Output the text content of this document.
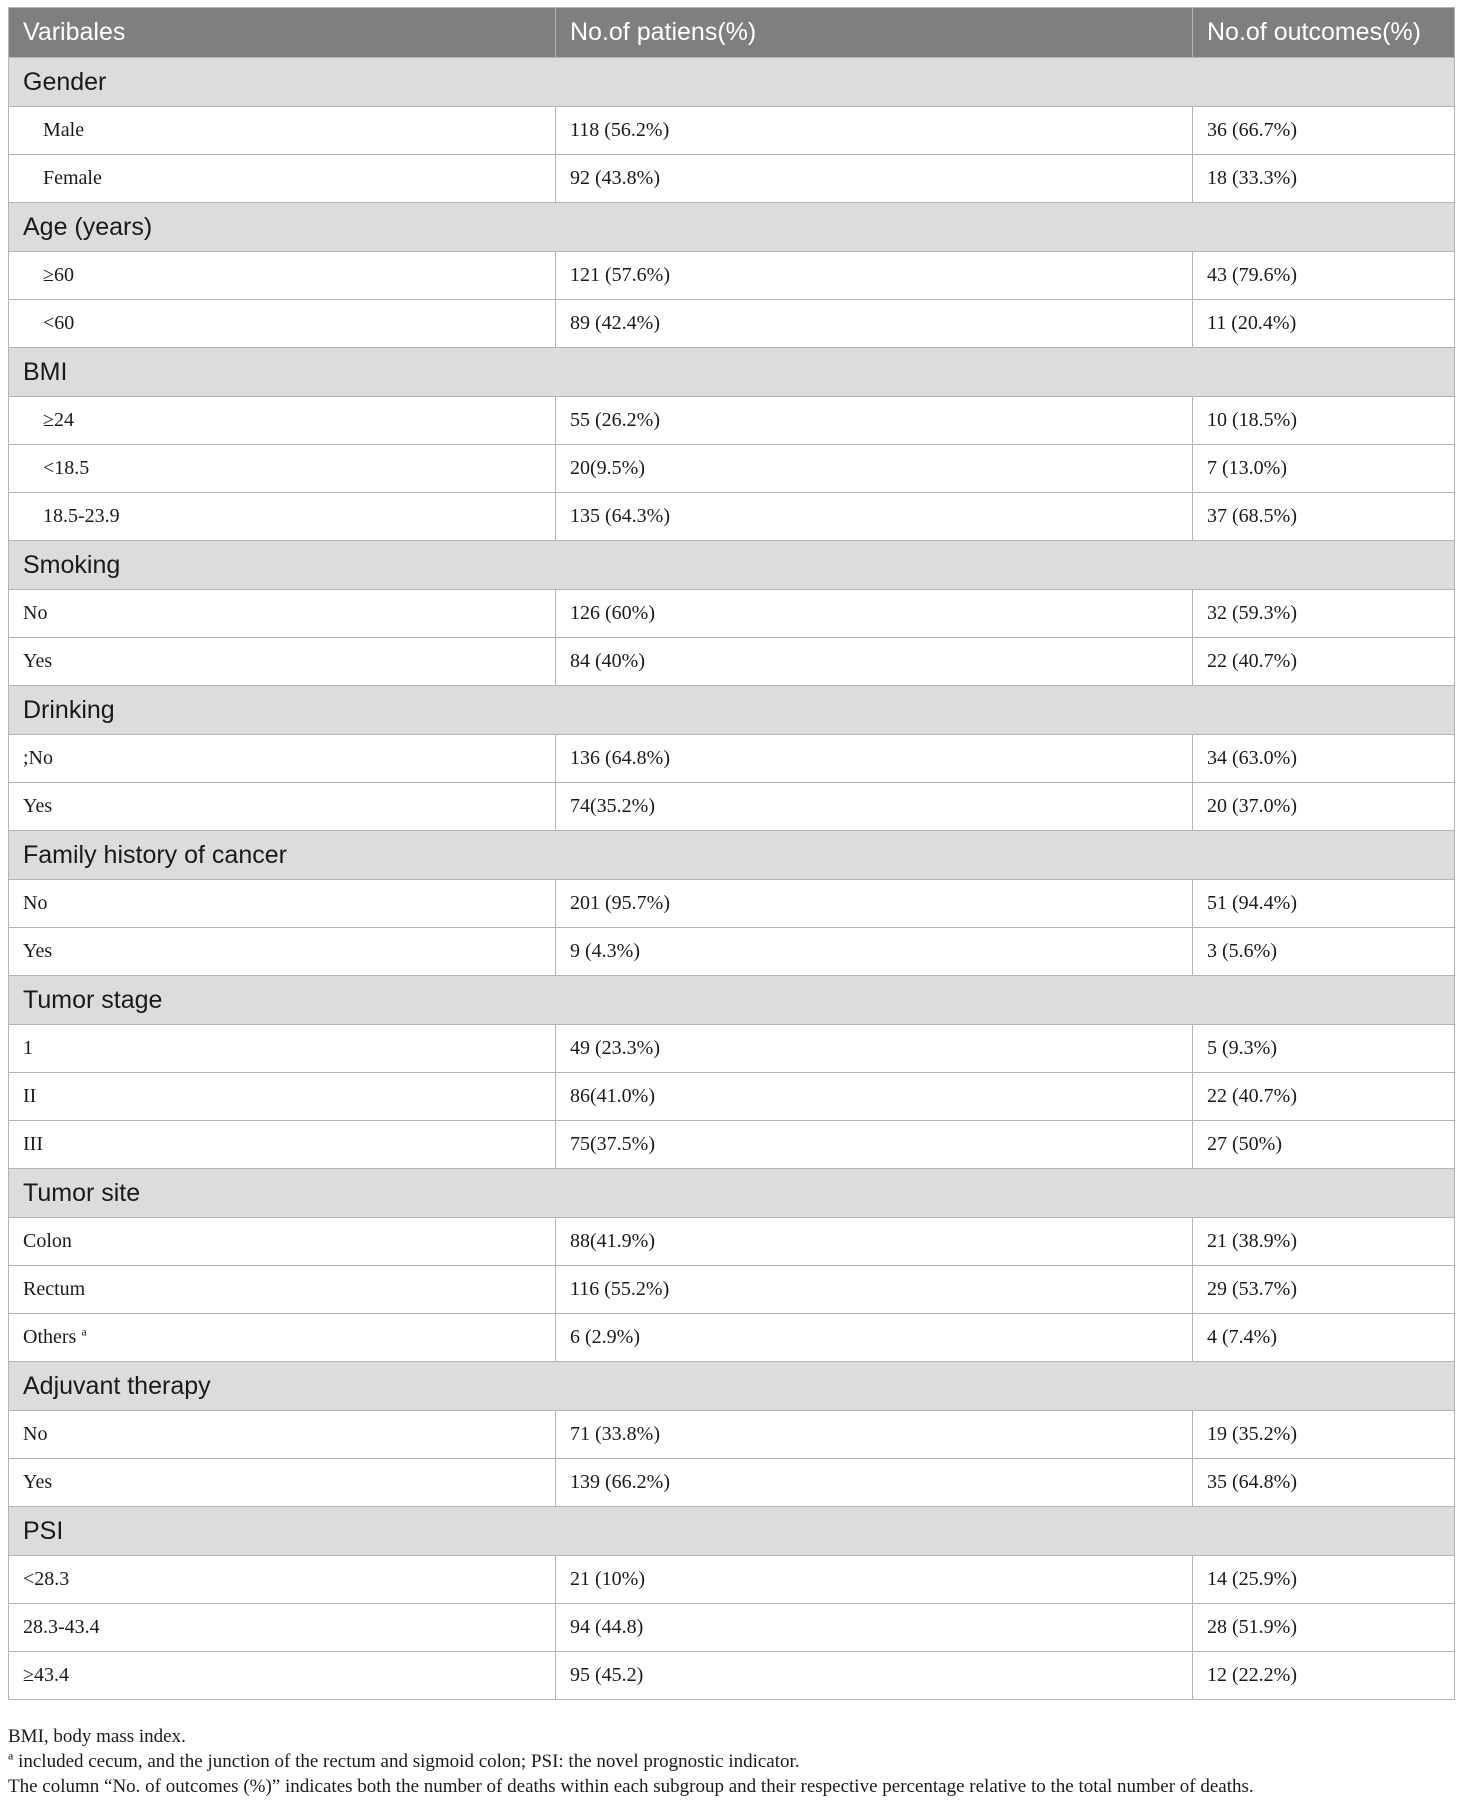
Varibales	No.of patiens(%)	No.of outcomes(%)
Gender		
Male	118 (56.2%)	36 (66.7%)
Female	92 (43.8%)	18 (33.3%)
Age (years)		
≥60	121 (57.6%)	43 (79.6%)
<60	89 (42.4%)	11 (20.4%)
BMI		
≥24	55 (26.2%)	10 (18.5%)
<18.5	20(9.5%)	7 (13.0%)
18.5-23.9	135 (64.3%)	37 (68.5%)
Smoking		
No	126 (60%)	32 (59.3%)
Yes	84 (40%)	22 (40.7%)
Drinking		
;No	136 (64.8%)	34 (63.0%)
Yes	74(35.2%)	20 (37.0%)
Family history of cancer		
No	201 (95.7%)	51 (94.4%)
Yes	9 (4.3%)	3 (5.6%)
Tumor stage		
1	49 (23.3%)	5 (9.3%)
II	86(41.0%)	22 (40.7%)
III	75(37.5%)	27 (50%)
Tumor site		
Colon	88(41.9%)	21 (38.9%)
Rectum	116 (55.2%)	29 (53.7%)
Others $^a$	6 (2.9%)	4 (7.4%)
Adjuvant therapy		
No	71 (33.8%)	19 (35.2%)
Yes	139 (66.2%)	35 (64.8%)
PSI		
<28.3	21 (10%)	14 (25.9%)
28.3-43.4	94 (44.8)	28 (51.9%)
≥43.4	95 (45.2)	12 (22.2%)

BMI, body mass index.

$^a$ included cecum, and the junction of the rectum and sigmoid colon; PSI: the novel prognostic indicator.

The column “No. of outcomes (%)” indicates both the number of deaths within each subgroup and their respective percentage relative to the total number of deaths.
